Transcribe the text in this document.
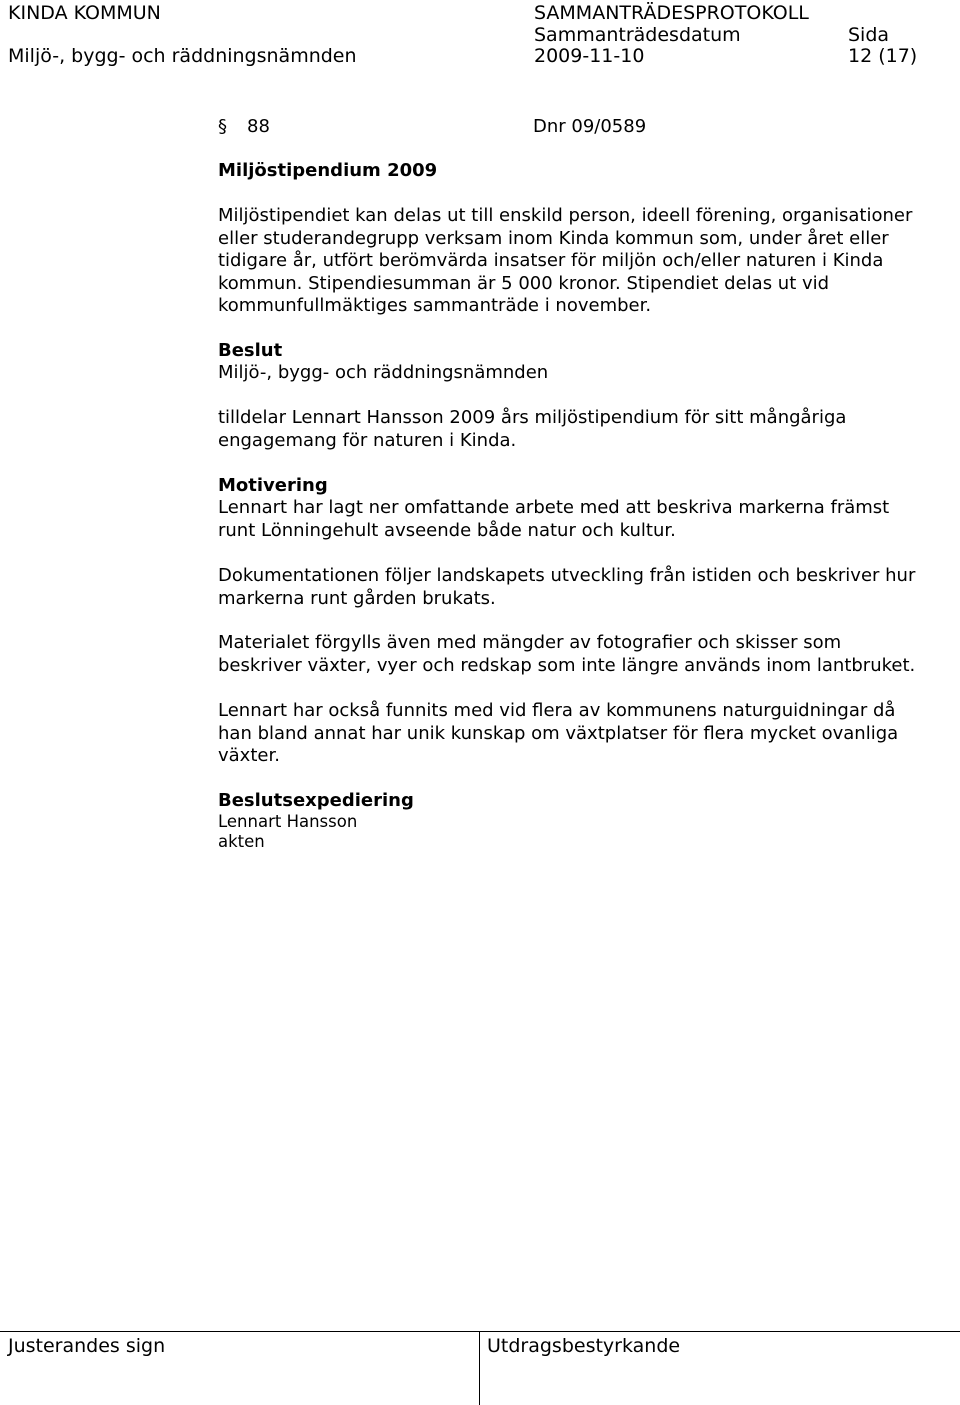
KINDA KOMMUN
Miljö-, bygg- och räddningsnämnden
SAMMANTRÄDESPROTOKOLL
Sammanträdesdatum
2009-11-10
Sida
12 (17)
§ 88	Dnr 09/0589
Miljöstipendium 2009
Miljöstipendiet kan delas ut till enskild person, ideell förening, organisationer
eller studerandegrupp verksam inom Kinda kommun som, under året eller
tidigare år, utfört berömvärda insatser för miljön och/eller naturen i Kinda
kommun. Stipendiesumman är 5 000 kronor. Stipendiet delas ut vid
kommunfullmäktiges sammanträde i november.
Beslut
Miljö-, bygg- och räddningsnämnden
tilldelar Lennart Hansson 2009 års miljöstipendium för sitt mångåriga
engagemang för naturen i Kinda.
Motivering
Lennart har lagt ner omfattande arbete med att beskriva markerna främst
runt Lönningehult avseende både natur och kultur.
Dokumentationen följer landskapets utveckling från istiden och beskriver hur
markerna runt gården brukats.
Materialet förgylls även med mängder av fotografier och skisser som
beskriver växter, vyer och redskap som inte längre används inom lantbruket.
Lennart har också funnits med vid flera av kommunens naturguidningar då
han bland annat har unik kunskap om växtplatser för flera mycket ovanliga
växter.
Beslutsexpediering
Lennart Hansson
akten
Justerandes sign	Utdragsbestyrkande
